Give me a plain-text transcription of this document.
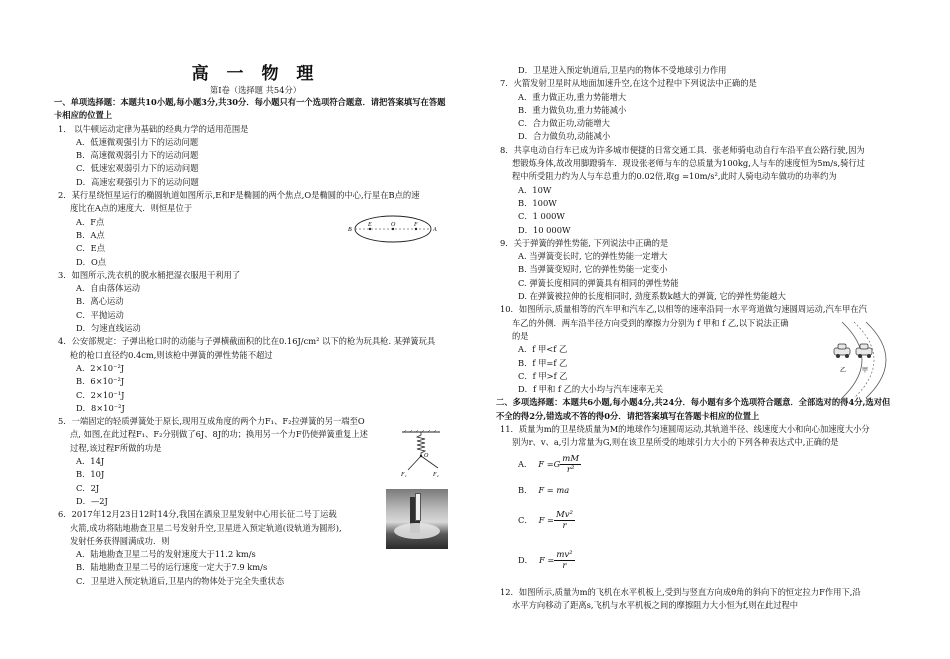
高 一 物 理
第Ⅰ卷（选择题 共54分）
一、单项选择题：本题共10小题,每小题3分,共30分．每小题只有一个选项符合题意．请把答案填写在答题卡相应的位置上
1． 以牛顿运动定律为基础的经典力学的适用范围是
A．低速微观强引力下的运动问题
B．高速微观弱引力下的运动问题
C．低速宏观弱引力下的运动问题
D．高速宏观强引力下的运动问题
2．某行星绕恒星运行的椭圆轨道如图所示,E和F是椭圆的两个焦点,O是椭圆的中心,行星在B点的速
度比在A点的速度大．则恒星位于
A．F点
B．A点
C．E点
D．O点
3．如图所示,洗衣机的脱水桶把湿衣服甩干利用了
A．自由落体运动
B．离心运动
C．平抛运动
D．匀速直线运动
4．公安部规定：子弹出枪口时的动能与子弹横截面积的比在0.16J/cm² 以下的枪为玩具枪. 某弹簧玩具
枪的枪口直径约0.4cm,则该枪中弹簧的弹性势能不超过
A．2×10⁻²J
B．6×10⁻²J
C．2×10⁻¹J
D．8×10⁻²J
5．一端固定的轻质弹簧处于原长,现用互成角度的两个力F₁、F₂拉弹簧的另一端至O
点, 如图,在此过程F₁、F₂分别做了6J、8J的功；换用另一个力F仍使弹簧重复上述
过程,该过程F所做的功是
A．14J
B．10J
C．2J
D．—2J
6．2017年12月23日12时14分,我国在酒泉卫星发射中心用长征二号丁运载
火箭,成功将陆地勘查卫星二号发射升空,卫星进入预定轨道(设轨道为圆形),
发射任务获得圆满成功．则
A．陆地勘查卫星二号的发射速度大于11.2 km/s
B．陆地勘查卫星二号的运行速度一定大于7.9 km/s
C．卫星进入预定轨道后,卫星内的物体处于完全失重状态
B
E	O	F
A
O
F₁	F₂
D．卫星进入预定轨道后,卫星内的物体不受地球引力作用
7．火箭发射卫星时从地面加速升空,在这个过程中下列说法中正确的是
A．重力做正功,重力势能增大
B．重力做负功,重力势能减小
C．合力做正功,动能增大
D．合力做负功,动能减小
8．共享电动自行车已成为许多城市便捷的日常交通工具．张老师骑电动自行车沿平直公路行驶,因为
想锻炼身体,故改用脚蹬骑车．现设张老师与车的总质量为100kg,人与车的速度恒为5m/s,骑行过
程中所受阻力约为人与车总重力的0.02倍,取g =10m/s²,此时人骑电动车做功的功率约为
A．10W
B．100W
C．1 000W
D．10 000W
9．关于弹簧的弹性势能, 下列说法中正确的是
A. 当弹簧变长时, 它的弹性势能一定增大
B. 当弹簧变短时, 它的弹性势能一定变小
C. 弹簧长度相同的弹簧具有相同的弹性势能
D. 在弹簧被拉伸的长度相同时, 劲度系数k越大的弹簧, 它的弹性势能越大
10．如图所示,质量相等的汽车甲和汽车乙,以相等的速率沿同一水平弯道做匀速圆周运动,汽车甲在汽
车乙的外侧．两车沿半径方向受到的摩擦力分别为 f 甲和 f 乙,以下说法正确
的是
A．f 甲<f 乙
B．f 甲=f 乙
C．f 甲>f 乙
D．f 甲和 f 乙的大小均与汽车速率无关
二、多项选择题：本题共6小题,每小题4分,共24分．每小题有多个选项符合题意．全部选对的得4分,选对但不全的得2分,错选或不答的得0分．请把答案填写在答题卡相应的位置上
11．质量为m的卫星绕质量为M的地球作匀速圆周运动,其轨道半径、线速度大小和向心加速度大小分
别为r、v、a,引力常量为G,则在该卫星所受的地球引力大小的下列各种表达式中,正确的是
A． $F =G \frac{mM}{\text{r²}}$
B． F = ma
C． $F = \frac{\text{Mv²}}{r}$
D． $F = \frac{\text{mv²}}{r}$
12．如图所示,质量为m的飞机在水平机板上,受到与竖直方向成θ角的斜向下的恒定拉力F作用下,沿
水平方向移动了距离s,飞机与水平机板之间的摩擦阻力大小恒为f,则在此过程中
乙	甲
